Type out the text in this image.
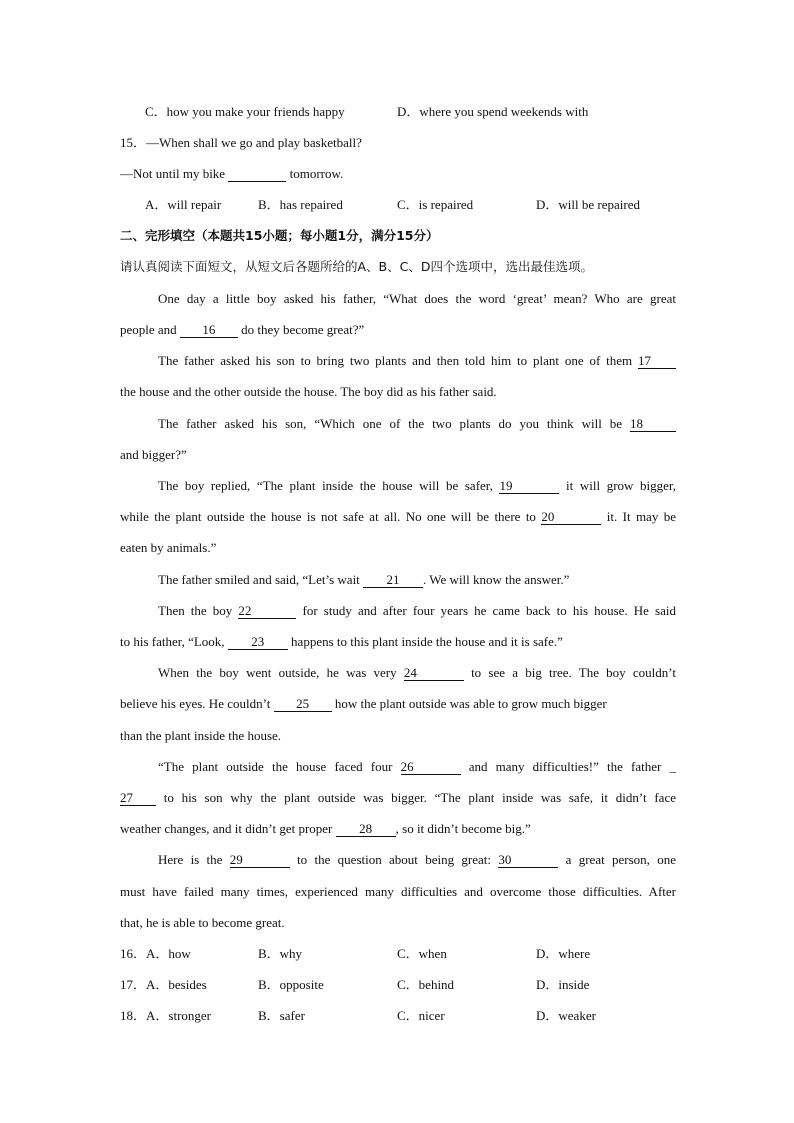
C．how you make your friends happy	D．where you spend weekends with
15．—When shall we go and play basketball?
—Not until my bike	tomorrow.
A．will repair	B．has repaired	C．is repaired	D．will be repaired
二、完形填空（本题共15小题；每小题1分，满分15分）
请认真阅读下面短文，从短文后各题所给的A、B、C、D四个选项中，选出最佳选项。
One day a little boy asked his father, “What does the word ‘great’ mean? Who are great
people and 16 do they become great?”
The father asked his son to bring two plants and then told him to plant one of them 17
the house and the other outside the house. The boy did as his father said.
The father asked his son, “Which one of the two plants do you think will be 18
and bigger?”
The boy replied, “The plant inside the house will be safer, 19	it will grow bigger,
while the plant outside the house is not safe at all. No one will be there to 20	it. It may be
eaten by animals.”
The father smiled and said, “Let’s wait 21 . We will know the answer.”
Then the boy 22	for study and after four years he came back to his house. He said
to his father, “Look, 23 happens to this plant inside the house and it is safe.”
When the boy went outside, he was very 24	to see a big tree. The boy couldn’t
believe his eyes. He couldn’t 25 how the plant outside was able to grow much bigger
than the plant inside the house.
“The plant outside the house faced four 26	and many difficulties!” the father _
27 to his son why the plant outside was bigger. “The plant inside was safe, it didn’t face
weather changes, and it didn’t get proper 28 , so it didn’t become big.”
Here is the 29	to the question about being great: 30	a great person, one
must have failed many times, experienced many difficulties and overcome those difficulties. After
that, he is able to become great.
16．A．how	B．why	C．when	D．where
17．A．besides	B．opposite	C．behind	D．inside
18．A．stronger	B．safer	C．nicer	D．weaker
